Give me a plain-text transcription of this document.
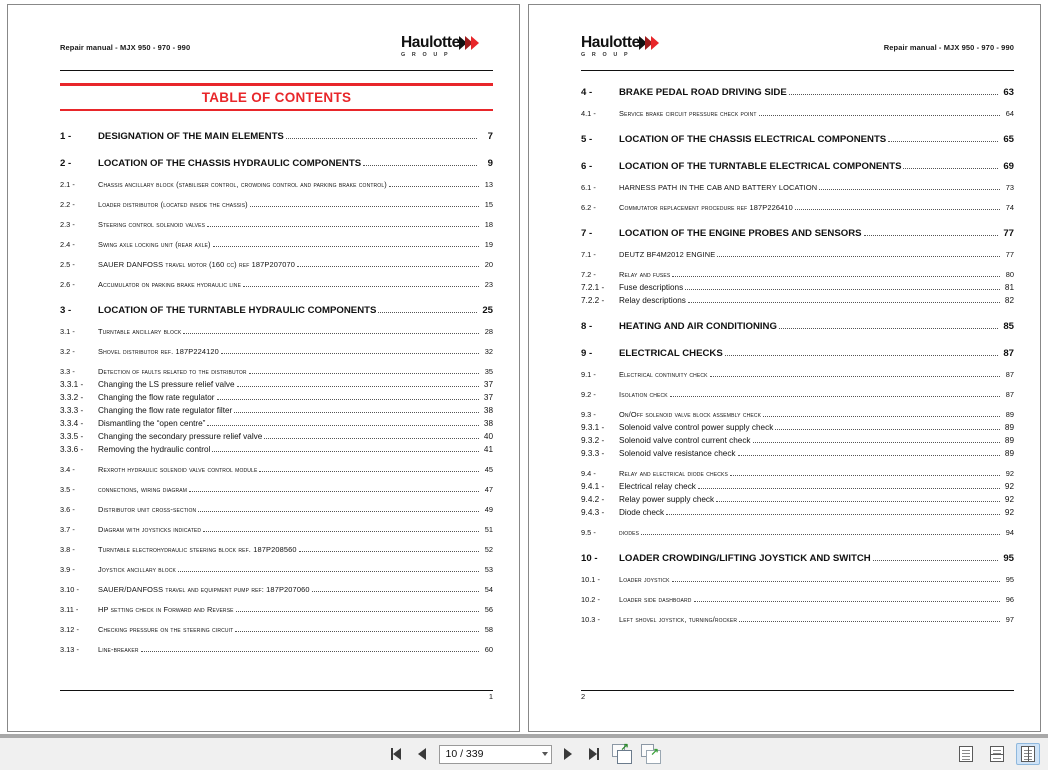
Repair manual - MJX 950 - 970 - 990	Haulotte
G R O U P
TABLE OF CONTENTS
1 -	DESIGNATION OF THE MAIN ELEMENTS	7
2 -	LOCATION OF THE CHASSIS HYDRAULIC COMPONENTS	9
2.1 -	Chassis ancillary block (stabiliser control, crowding control and parking brake control)	13
2.2 -	Loader distributor (located inside the chassis)	15
2.3 -	Steering control solenoid valves	18
2.4 -	Swing axle locking unit (rear axle)	19
2.5 -	SAUER DANFOSS travel motor (160 cc) ref 187P207070	20
2.6 -	Accumulator on parking brake hydraulic line	23
3 -	LOCATION OF THE TURNTABLE HYDRAULIC COMPONENTS	25
3.1 -	Turntable ancillary block	28
3.2 -	Shovel distributor ref. 187P224120	32
3.3 -	Detection of faults related to the distributor	35
3.3.1 -	Changing the LS pressure relief valve	37
3.3.2 -	Changing the flow rate regulator	37
3.3.3 -	Changing the flow rate regulator filter	38
3.3.4 -	Dismantling the “open centre”	38
3.3.5 -	Changing the secondary pressure relief valve	40
3.3.6 -	Removing the hydraulic control	41
3.4 -	Rexroth hydraulic solenoid valve control module	45
3.5 -	connections, wiring diagram	47
3.6 -	Distributor unit cross-section	49
3.7 -	Diagram with joysticks indicated	51
3.8 -	Turntable electrohydraulic steering block ref. 187P208560	52
3.9 -	Joystick ancillary block	53
3.10 -	SAUER/DANFOSS travel and equipment pump ref: 187P207060	54
3.11 -	HP setting check in Forward and Reverse	56
3.12 -	Checking pressure on the steering circuit	58
3.13 -	Line-breaker	60
1
Repair manual - MJX 950 - 970 - 990
Haulotte
G R O U P
4 -	BRAKE PEDAL ROAD DRIVING SIDE	63
4.1 -	Service brake circuit pressure check point	64
5 -	LOCATION OF THE CHASSIS ELECTRICAL COMPONENTS	65
6 -	LOCATION OF THE TURNTABLE ELECTRICAL COMPONENTS	69
6.1 -	HARNESS PATH IN THE CAB AND BATTERY LOCATION	73
6.2 -	Commutator replacement procedure ref 187P226410	74
7 -	LOCATION OF THE ENGINE PROBES AND SENSORS	77
7.1 -	DEUTZ BF4M2012 ENGINE	77
7.2 -	Relay and fuses	80
7.2.1 -	Fuse descriptions	81
7.2.2 -	Relay descriptions	82
8 -	HEATING AND AIR CONDITIONING	85
9 -	ELECTRICAL CHECKS	87
9.1 -	Electrical continuity check	87
9.2 -	Isolation check	87
9.3 -	On/Off solenoid valve block assembly check	89
9.3.1 -	Solenoid valve control power supply check	89
9.3.2 -	Solenoid valve control current check	89
9.3.3 -	Solenoid valve resistance check	89
9.4 -	Relay and electrical diode checks	92
9.4.1 -	Electrical relay check	92
9.4.2 -	Relay power supply check	92
9.4.3 -	Diode check	92
9.5 -	diodes	94
10 -	LOADER CROWDING/LIFTING JOYSTICK AND SWITCH	95
10.1 -	Loader joystick	95
10.2 -	Loader side dashboard	96
10.3 -	Left shovel joystick, turning/rocker	97
2
10 / 339
↗ ↗
